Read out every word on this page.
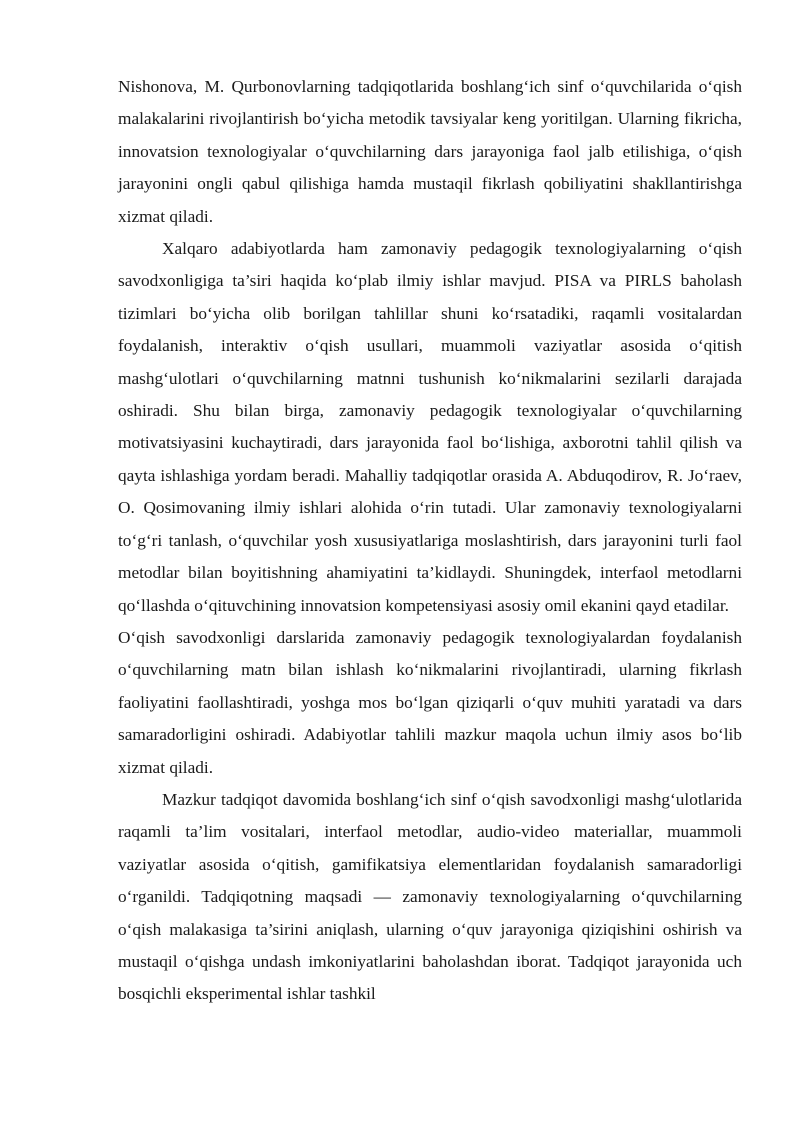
Nishonova, M. Qurbonovlarning tadqiqotlarida boshlang‘ich sinf o‘quvchilarida o‘qish malakalarini rivojlantirish bo‘yicha metodik tavsiyalar keng yoritilgan. Ularning fikricha, innovatsion texnologiyalar o‘quvchilarning dars jarayoniga faol jalb etilishiga, o‘qish jarayonini ongli qabul qilishiga hamda mustaqil fikrlash qobiliyatini shakllantirishga xizmat qiladi.

Xalqaro adabiyotlarda ham zamonaviy pedagogik texnologiyalarning o‘qish savodxonligiga ta’siri haqida ko‘plab ilmiy ishlar mavjud. PISA va PIRLS baholash tizimlari bo‘yicha olib borilgan tahlillar shuni ko‘rsatadiki, raqamli vositalardan foydalanish, interaktiv o‘qish usullari, muammoli vaziyatlar asosida o‘qitish mashg‘ulotlari o‘quvchilarning matnni tushunish ko‘nikmalarini sezilarli darajada oshiradi. Shu bilan birga, zamonaviy pedagogik texnologiyalar o‘quvchilarning motivatsiyasini kuchaytiradi, dars jarayonida faol bo‘lishiga, axborotni tahlil qilish va qayta ishlashiga yordam beradi. Mahalliy tadqiqotlar orasida A. Abduqodirov, R. Jo‘raev, O. Qosimovaning ilmiy ishlari alohida o‘rin tutadi. Ular zamonaviy texnologiyalarni to‘g‘ri tanlash, o‘quvchilar yosh xususiyatlariga moslashtirish, dars jarayonini turli faol metodlar bilan boyitishning ahamiyatini ta’kidlaydi. Shuningdek, interfaol metodlarni qo‘llashda o‘qituvchining innovatsion kompetensiyasi asosiy omil ekanini qayd etadilar.

O‘qish savodxonligi darslarida zamonaviy pedagogik texnologiyalardan foydalanish o‘quvchilarning matn bilan ishlash ko‘nikmalarini rivojlantiradi, ularning fikrlash faoliyatini faollashtiradi, yoshga mos bo‘lgan qiziqarli o‘quv muhiti yaratadi va dars samaradorligini oshiradi. Adabiyotlar tahlili mazkur maqola uchun ilmiy asos bo‘lib xizmat qiladi.

Mazkur tadqiqot davomida boshlang‘ich sinf o‘qish savodxonligi mashg‘ulotlarida raqamli ta’lim vositalari, interfaol metodlar, audio-video materiallar, muammoli vaziyatlar asosida o‘qitish, gamifikatsiya elementlaridan foydalanish samaradorligi o‘rganildi. Tadqiqotning maqsadi — zamonaviy texnologiyalarning o‘quvchilarning o‘qish malakasiga ta’sirini aniqlash, ularning o‘quv jarayoniga qiziqishini oshirish va mustaqil o‘qishga undash imkoniyatlarini baholashdan iborat. Tadqiqot jarayonida uch bosqichli eksperimental ishlar tashkil
